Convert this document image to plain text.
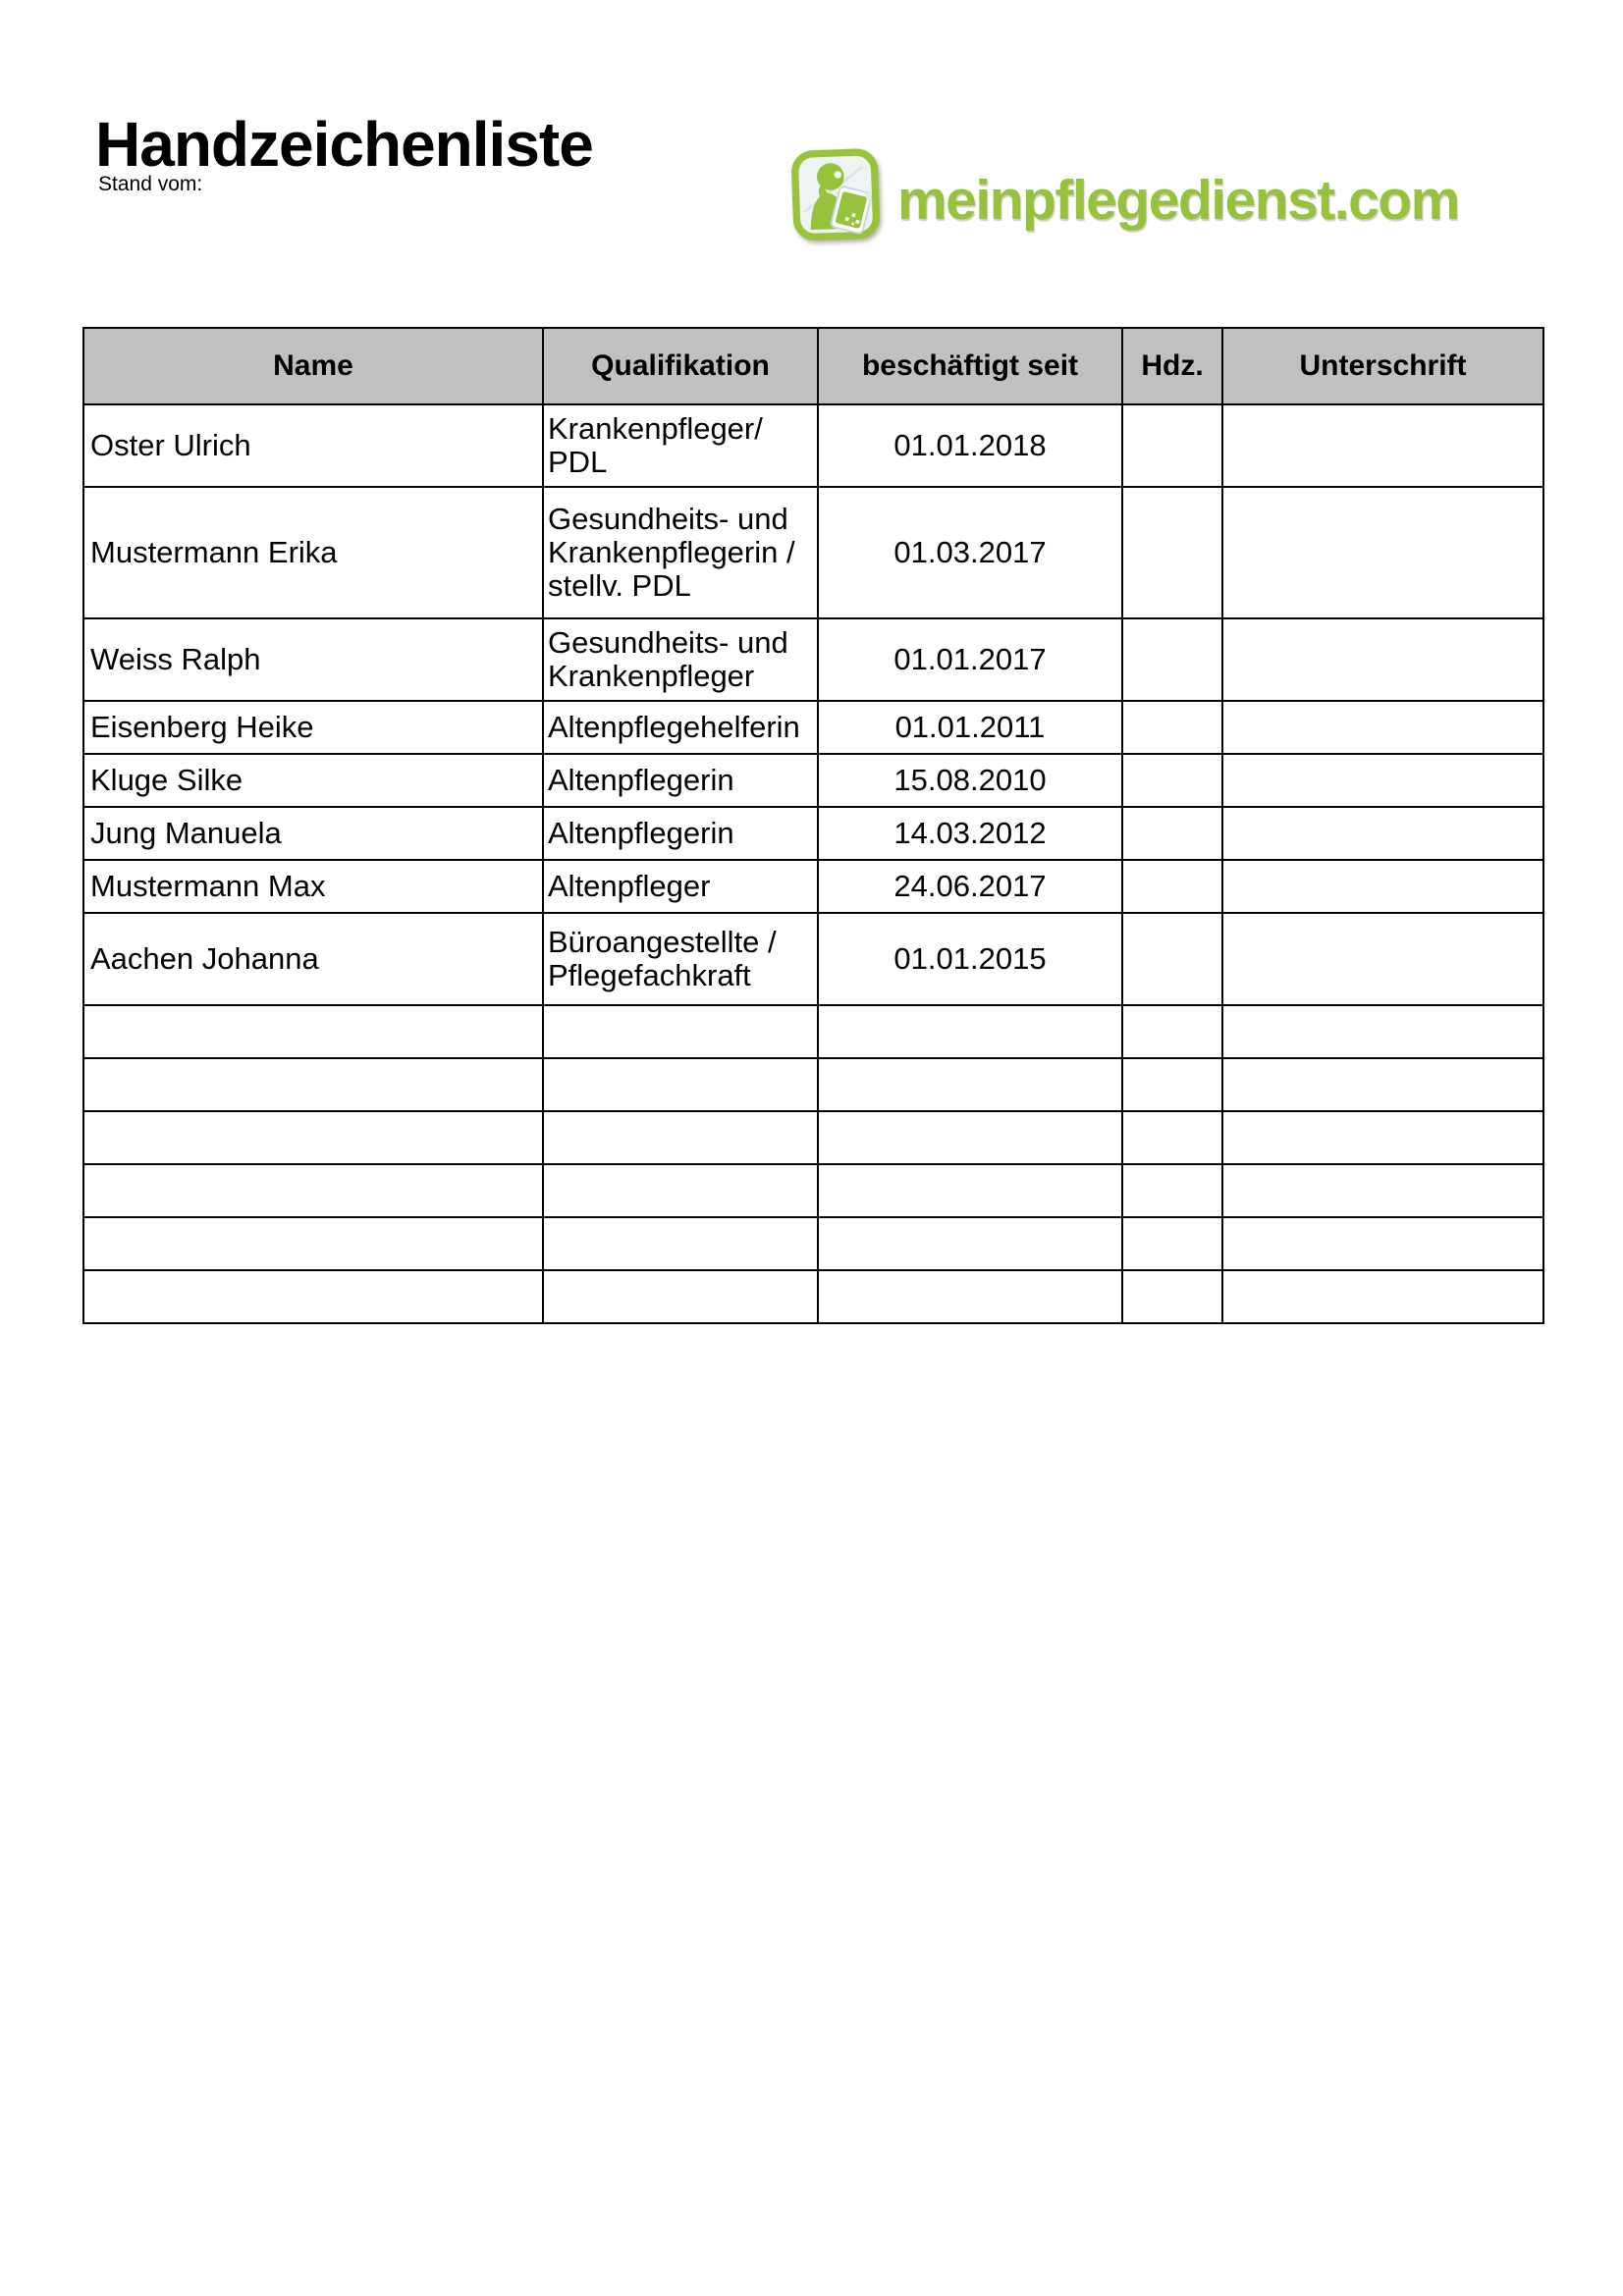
Handzeichenliste
Stand vom:	meinpflegedienst.com
Name	Qualifikation	beschäftigt seit	Hdz.	Unterschrift
Oster Ulrich	Krankenpfleger/ PDL	01.01.2018		
Mustermann Erika	Gesundheits- und Krankenpflegerin / stellv. PDL	01.03.2017		
Weiss Ralph	Gesundheits- und Krankenpfleger	01.01.2017		
Eisenberg Heike	Altenpflegehelferin	01.01.2011		
Kluge Silke	Altenpflegerin	15.08.2010		
Jung Manuela	Altenpflegerin	14.03.2012		
Mustermann Max	Altenpfleger	24.06.2017		
Aachen Johanna	Büroangestellte / Pflegefachkraft	01.01.2015		
